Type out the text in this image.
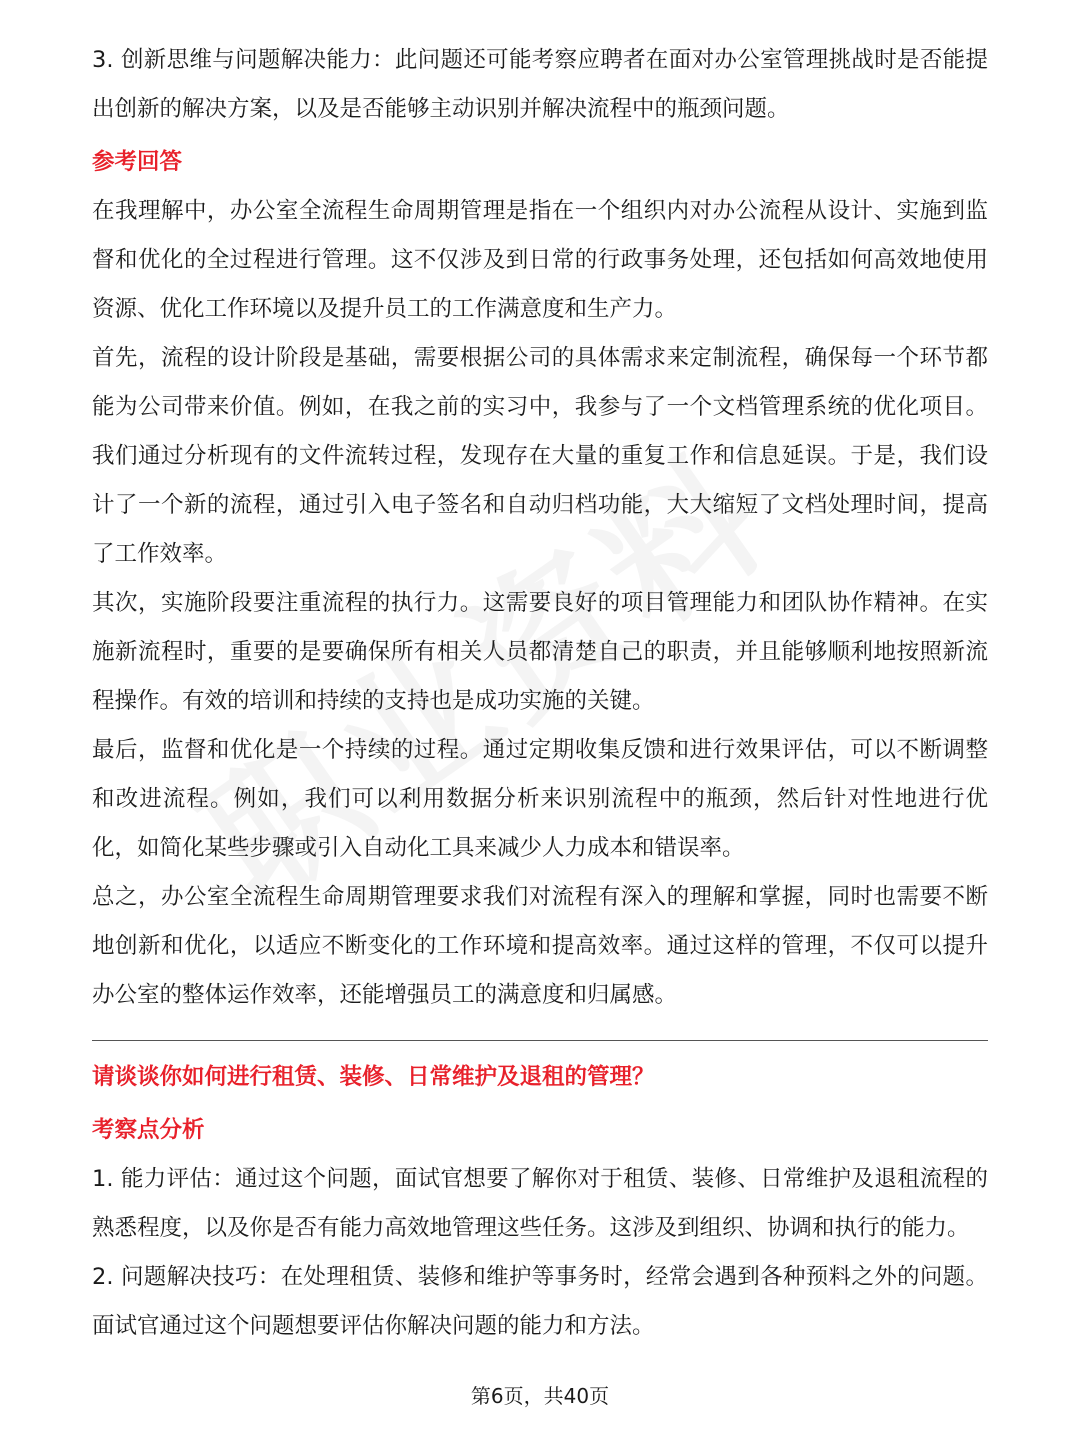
3. 创新思维与问题解决能力：此问题还可能考察应聘者在面对办公室管理挑战时是否能提出创新的解决方案，以及是否能够主动识别并解决流程中的瓶颈问题。

参考回答

在我理解中，办公室全流程生命周期管理是指在一个组织内对办公流程从设计、实施到监督和优化的全过程进行管理。这不仅涉及到日常的行政事务处理，还包括如何高效地使用资源、优化工作环境以及提升员工的工作满意度和生产力。

首先，流程的设计阶段是基础，需要根据公司的具体需求来定制流程，确保每一个环节都能为公司带来价值。例如，在我之前的实习中，我参与了一个文档管理系统的优化项目。我们通过分析现有的文件流转过程，发现存在大量的重复工作和信息延误。于是，我们设计了一个新的流程，通过引入电子签名和自动归档功能，大大缩短了文档处理时间，提高了工作效率。

其次，实施阶段要注重流程的执行力。这需要良好的项目管理能力和团队协作精神。在实施新流程时，重要的是要确保所有相关人员都清楚自己的职责，并且能够顺利地按照新流程操作。有效的培训和持续的支持也是成功实施的关键。

最后，监督和优化是一个持续的过程。通过定期收集反馈和进行效果评估，可以不断调整和改进流程。例如，我们可以利用数据分析来识别流程中的瓶颈，然后针对性地进行优化，如简化某些步骤或引入自动化工具来减少人力成本和错误率。

总之，办公室全流程生命周期管理要求我们对流程有深入的理解和掌握，同时也需要不断地创新和优化，以适应不断变化的工作环境和提高效率。通过这样的管理，不仅可以提升办公室的整体运作效率，还能增强员工的满意度和归属感。

请谈谈你如何进行租赁、装修、日常维护及退租的管理？

考察点分析

1. 能力评估：通过这个问题，面试官想要了解你对于租赁、装修、日常维护及退租流程的熟悉程度，以及你是否有能力高效地管理这些任务。这涉及到组织、协调和执行的能力。

2. 问题解决技巧：在处理租赁、装修和维护等事务时，经常会遇到各种预料之外的问题。面试官通过这个问题想要评估你解决问题的能力和方法。

第6页，共40页
